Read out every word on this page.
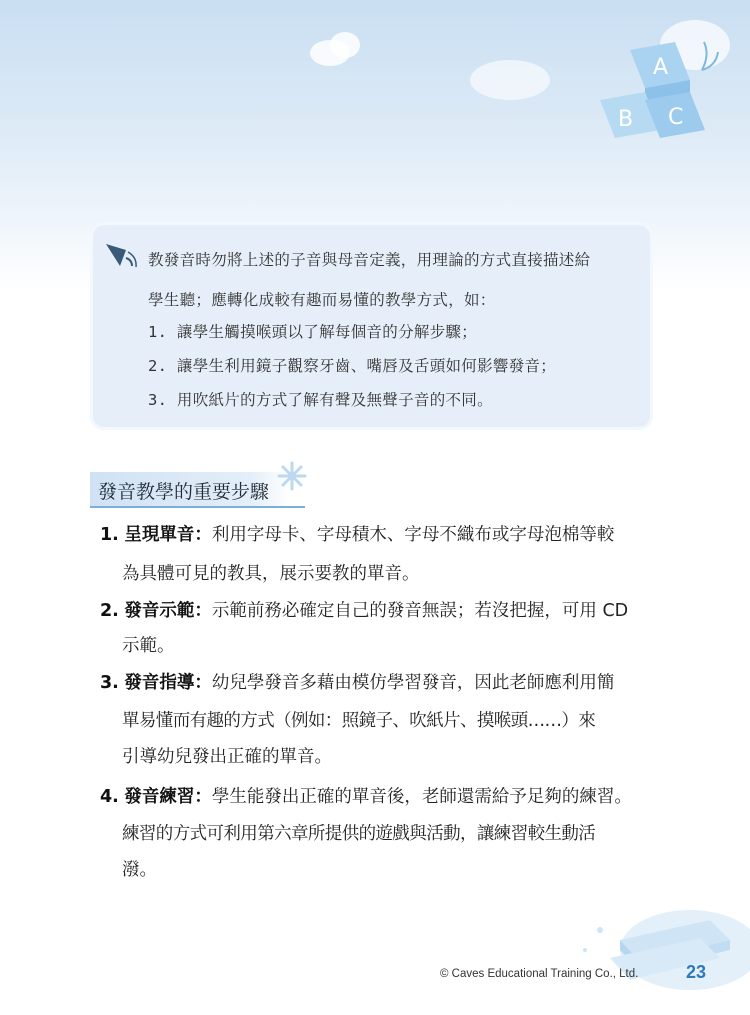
A
B C
教發音時勿將上述的子音與母音定義，用理論的方式直接描述給
學生聽；應轉化成較有趣而易懂的教學方式，如：
1. 讓學生觸摸喉頭以了解每個音的分解步驟；
2. 讓學生利用鏡子觀察牙齒、嘴唇及舌頭如何影響發音；
3. 用吹紙片的方式了解有聲及無聲子音的不同。
發音教學的重要步驟
1. 呈現單音：利用字母卡、字母積木、字母不織布或字母泡棉等較
為具體可見的教具，展示要教的單音。
2. 發音示範：示範前務必確定自己的發音無誤；若沒把握，可用 CD
示範。
3. 發音指導：幼兒學發音多藉由模仿學習發音，因此老師應利用簡
單易懂而有趣的方式（例如：照鏡子、吹紙片、摸喉頭……）來
引導幼兒發出正確的單音。
4. 發音練習：學生能發出正確的單音後，老師還需給予足夠的練習。
練習的方式可利用第六章所提供的遊戲與活動，讓練習較生動活
潑。
© Caves Educational Training Co., Ltd.	23
